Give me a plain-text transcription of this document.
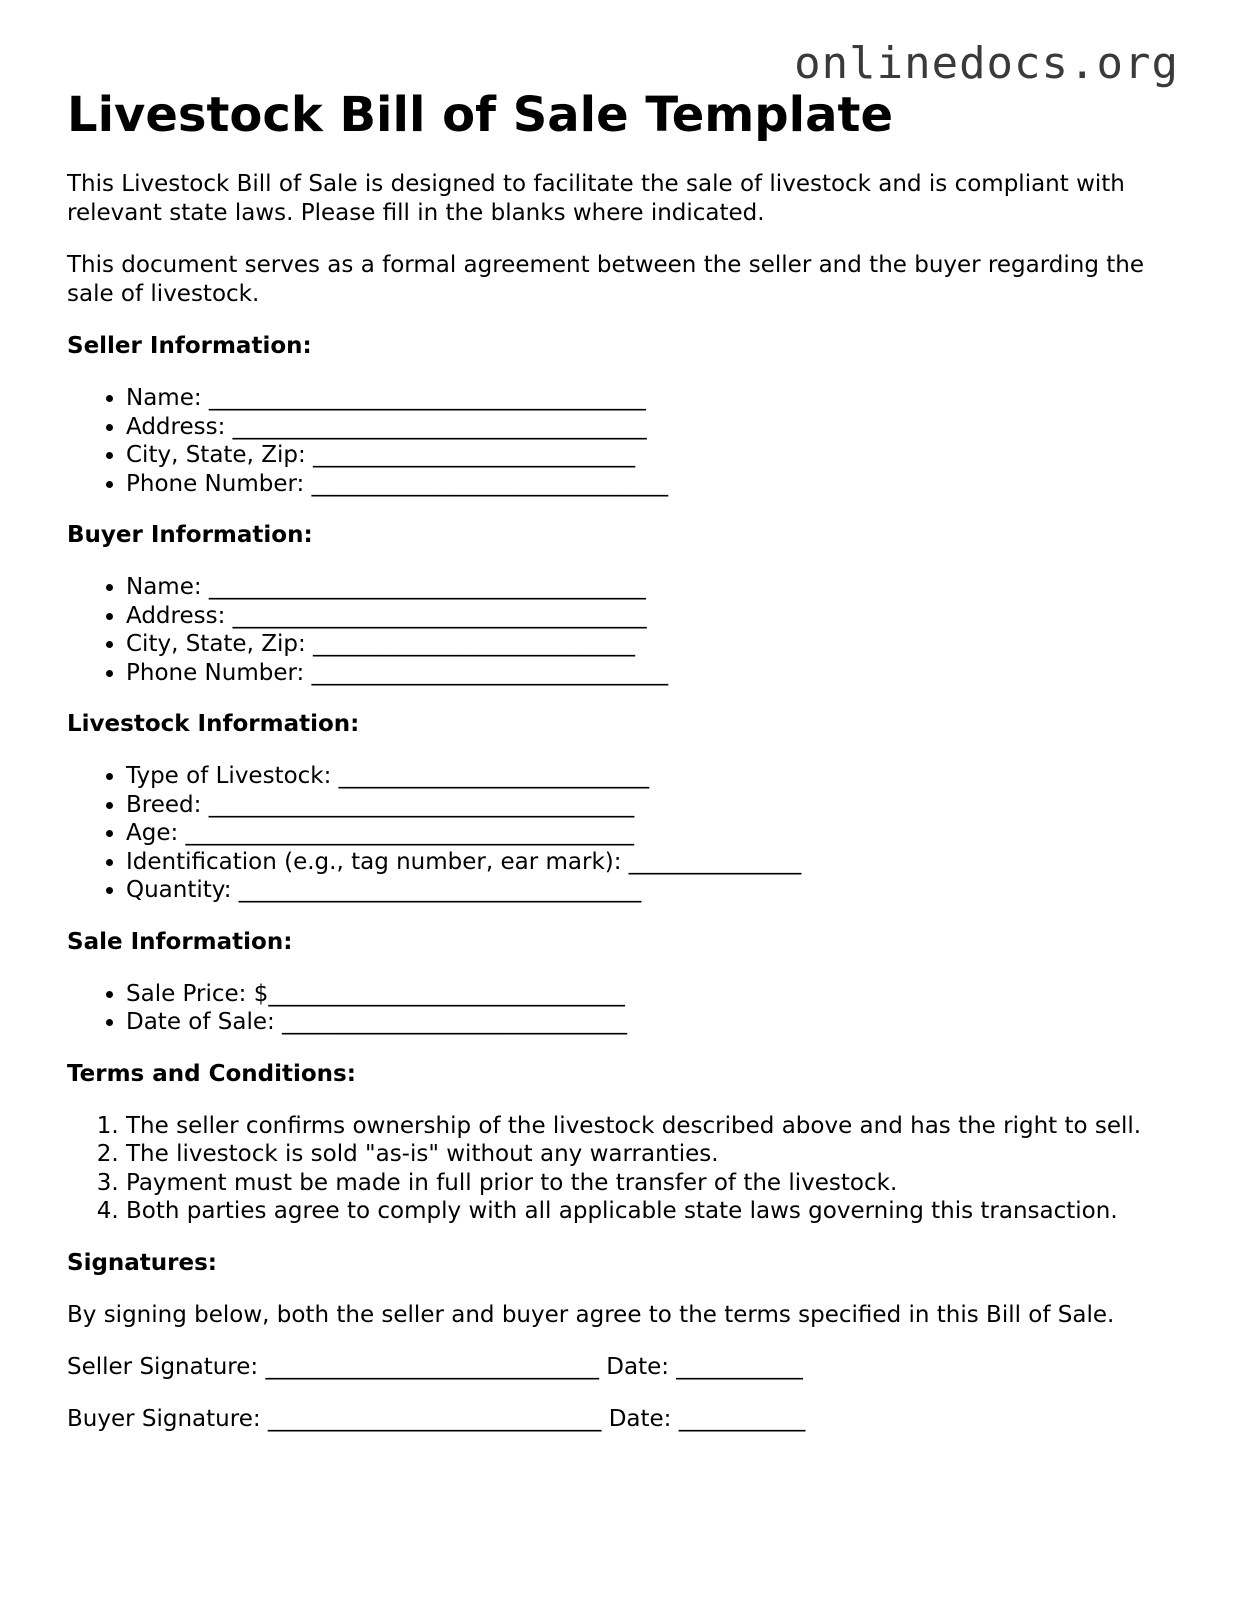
onlinedocs.org
Livestock Bill of Sale Template

This Livestock Bill of Sale is designed to facilitate the sale of livestock and is compliant with relevant state laws. Please fill in the blanks where indicated.

This document serves as a formal agreement between the seller and the buyer regarding the sale of livestock.

Seller Information:
• Name: ______________________________________
• Address: ____________________________________
• City, State, Zip: ____________________________
• Phone Number: _______________________________
Buyer Information:
• Name: ______________________________________
• Address: ____________________________________
• City, State, Zip: ____________________________
• Phone Number: _______________________________
Livestock Information:
• Type of Livestock: ___________________________
• Breed: _____________________________________
• Age: _______________________________________
• Identification (e.g., tag number, ear mark): _______________
• Quantity: ___________________________________
Sale Information:
• Sale Price: $_______________________________
• Date of Sale: ______________________________
Terms and Conditions:
1. The seller confirms ownership of the livestock described above and has the right to sell.
2. The livestock is sold "as-is" without any warranties.
3. Payment must be made in full prior to the transfer of the livestock.
4. Both parties agree to comply with all applicable state laws governing this transaction.
Signatures:

By signing below, both the seller and buyer agree to the terms specified in this Bill of Sale.

Seller Signature: _____________________________ Date: ___________
Buyer Signature: _____________________________ Date: ___________
